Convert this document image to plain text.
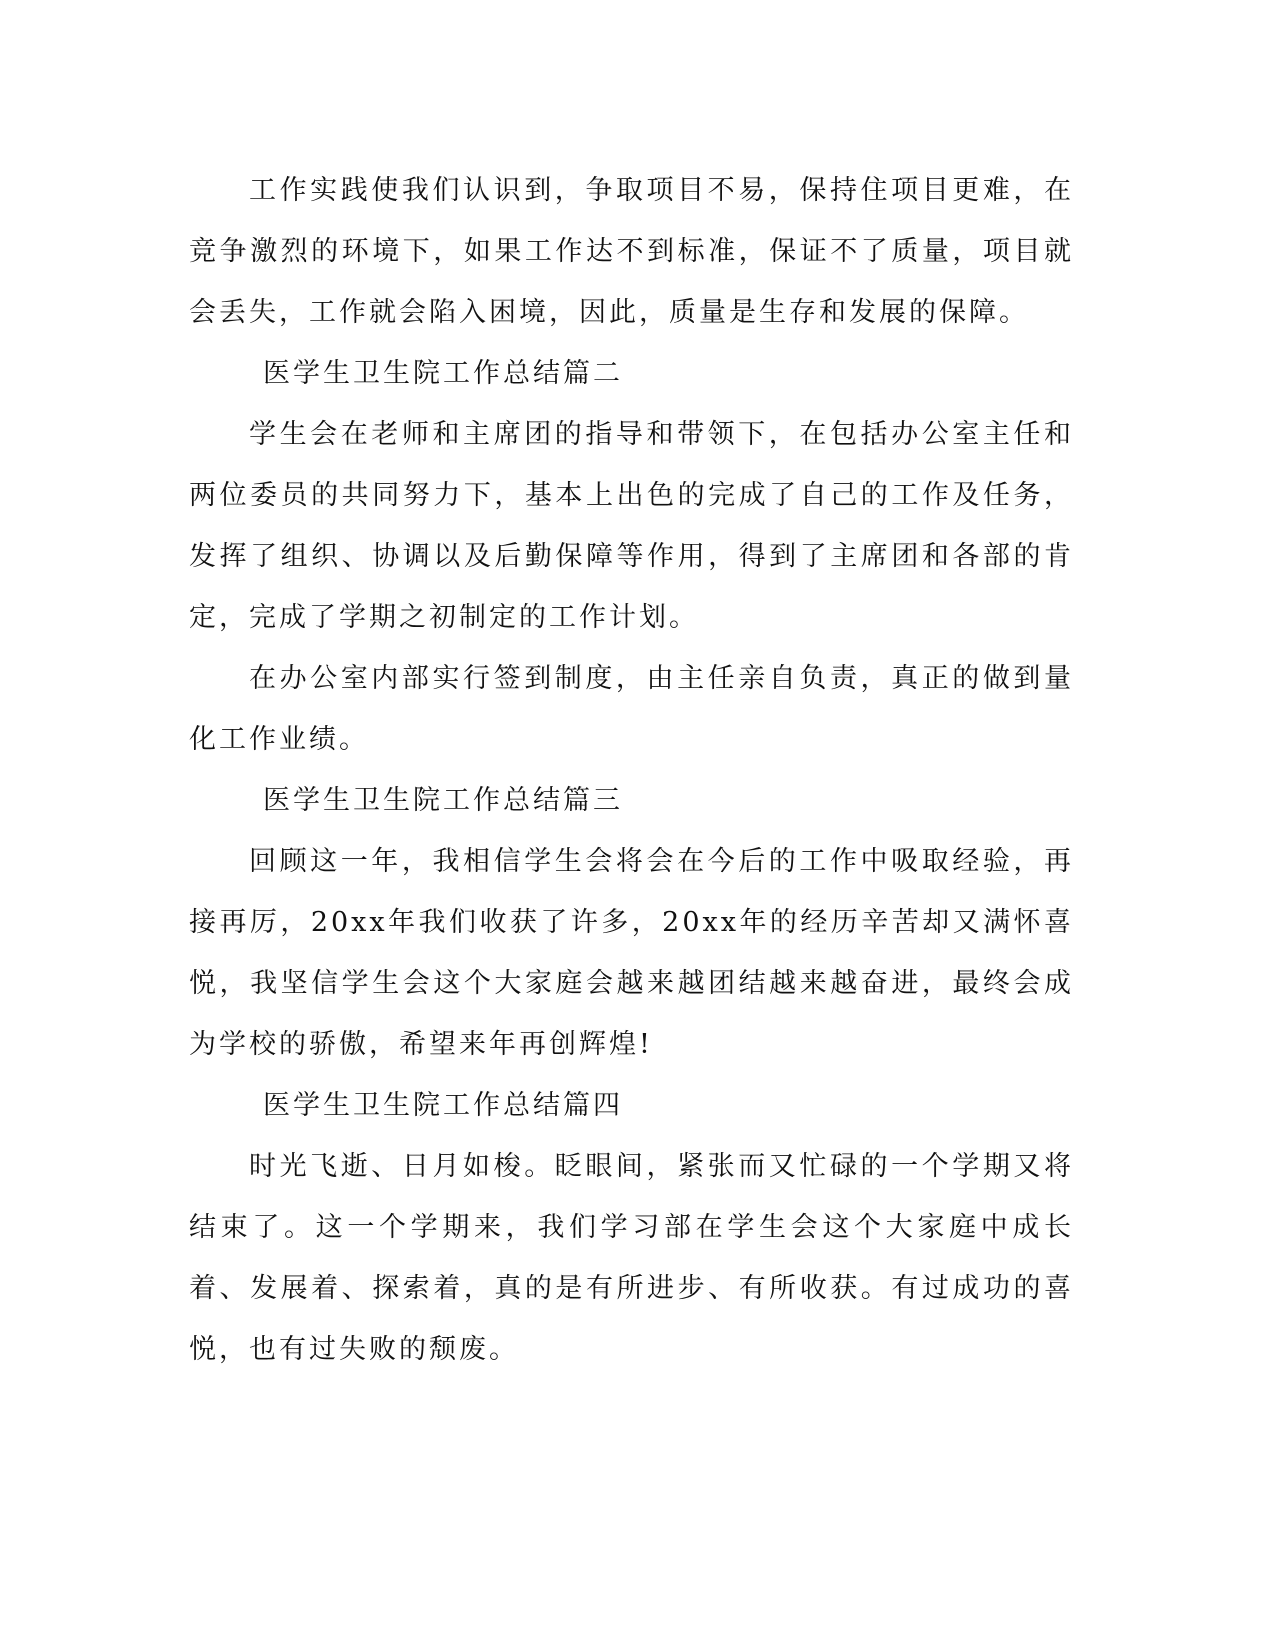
工作实践使我们认识到，争取项目不易，保持住项目更难，在竞争激烈的环境下，如果工作达不到标准，保证不了质量，项目就会丢失，工作就会陷入困境，因此，质量是生存和发展的保障。

医学生卫生院工作总结篇二

学生会在老师和主席团的指导和带领下，在包括办公室主任和两位委员的共同努力下，基本上出色的完成了自己的工作及任务，发挥了组织、协调以及后勤保障等作用，得到了主席团和各部的肯定，完成了学期之初制定的工作计划。

在办公室内部实行签到制度，由主任亲自负责，真正的做到量化工作业绩。

医学生卫生院工作总结篇三

回顾这一年，我相信学生会将会在今后的工作中吸取经验，再接再厉，20xx年我们收获了许多，20xx年的经历辛苦却又满怀喜悦，我坚信学生会这个大家庭会越来越团结越来越奋进，最终会成为学校的骄傲，希望来年再创辉煌!

医学生卫生院工作总结篇四

时光飞逝、日月如梭。眨眼间，紧张而又忙碌的一个学期又将结束了。这一个学期来，我们学习部在学生会这个大家庭中成长着、发展着、探索着，真的是有所进步、有所收获。有过成功的喜悦，也有过失败的颓废。
